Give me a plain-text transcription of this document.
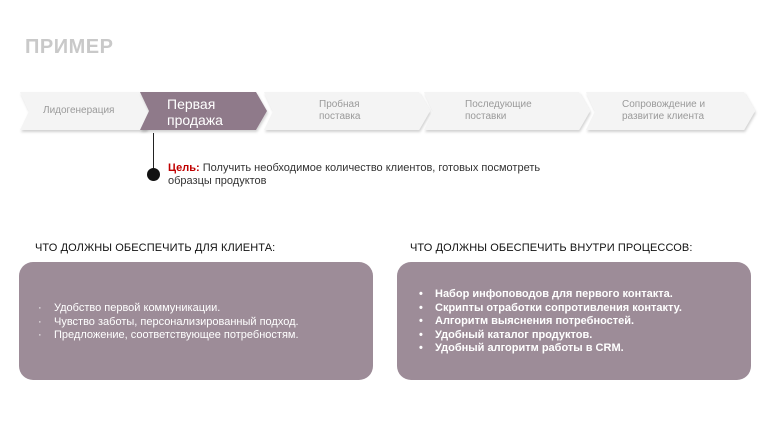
ПРИМЕР
Лидогенерация	Первая
продажа
Пробная
поставка
Последующие
поставки
Сопровождение и
развитие клиента
Цель: Получить необходимое количество клиентов, готовых посмотреть образцы продуктов
ЧТО ДОЛЖНЫ ОБЕСПЕЧИТЬ ДЛЯ КЛИЕНТА:	ЧТО ДОЛЖНЫ ОБЕСПЕЧИТЬ ВНУТРИ ПРОЦЕССОВ:
· Удобство первой коммуникации.
· Чувство заботы, персонализированный подход.
· Предложение, соответствующее потребностям.
• Набор инфоповодов для первого контакта.
• Скрипты отработки сопротивления контакту.
• Алгоритм выяснения потребностей.
• Удобный каталог продуктов.
• Удобный алгоритм работы в CRM.
